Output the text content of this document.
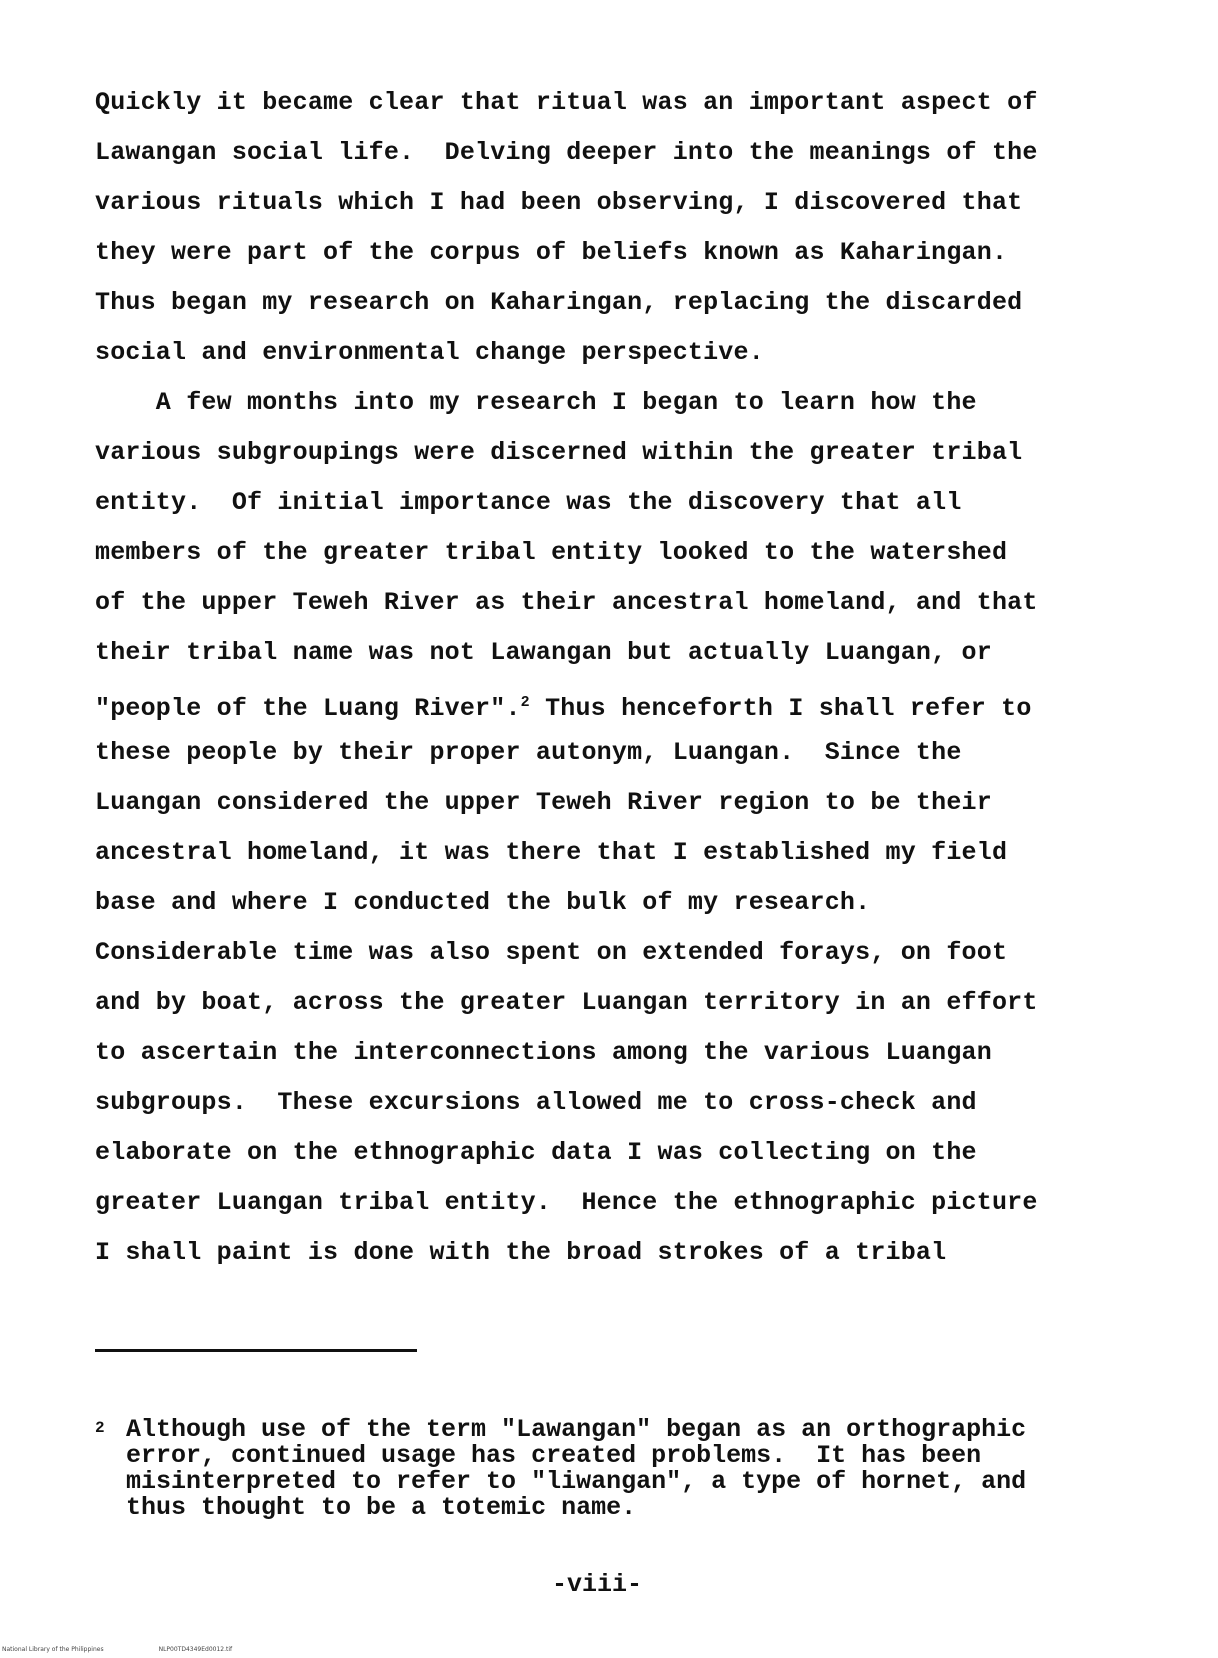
Quickly it became clear that ritual was an important aspect of
Lawangan social life.  Delving deeper into the meanings of the
various rituals which I had been observing, I discovered that
they were part of the corpus of beliefs known as Kaharingan.
Thus began my research on Kaharingan, replacing the discarded
social and environmental change perspective.
A few months into my research I began to learn how the
various subgroupings were discerned within the greater tribal
entity.  Of initial importance was the discovery that all
members of the greater tribal entity looked to the watershed
of the upper Teweh River as their ancestral homeland, and that
their tribal name was not Lawangan but actually Luangan, or
"people of the Luang River".$^2$ Thus henceforth I shall refer to
these people by their proper autonym, Luangan.  Since the
Luangan considered the upper Teweh River region to be their
ancestral homeland, it was there that I established my field
base and where I conducted the bulk of my research.
Considerable time was also spent on extended forays, on foot
and by boat, across the greater Luangan territory in an effort
to ascertain the interconnections among the various Luangan
subgroups.  These excursions allowed me to cross-check and
elaborate on the ethnographic data I was collecting on the
greater Luangan tribal entity.  Hence the ethnographic picture
I shall paint is done with the broad strokes of a tribal
2 Although use of the term "Lawangan" began as an orthographic
error, continued usage has created problems.  It has been
misinterpreted to refer to "liwangan", a type of hornet, and
thus thought to be a totemic name.
-viii-
National Library of the Philippines	NLP00TD4349Ed0012.tif
